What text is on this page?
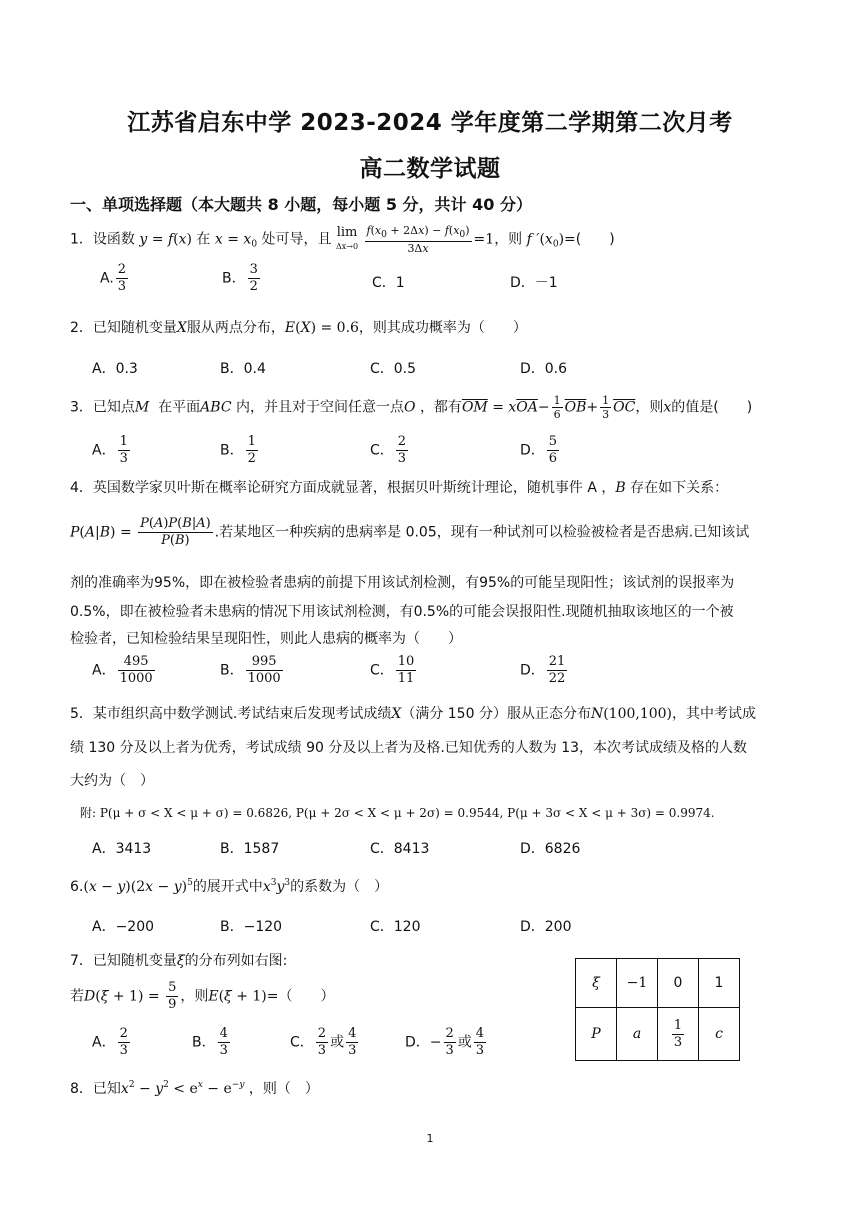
江苏省启东中学 2023-2024 学年度第二学期第二次月考
高二数学试题
一、单项选择题（本大题共 8 小题，每小题 5 分，共计 40 分）
1．设函数 y = f(x) 在 $x = x_0$ 处可导，且 lim
Δx→0
$\frac{f(x_0 + 2\Delta x) - f(x_0)}{3\Delta x} =1$，则 f $'(x_0)=$(　　)
A. $\frac{2}{3}$	B． $\frac{3}{2}$	C．1	D．－1
2．已知随机变量X服从两点分布，E(X) = 0.6，则其成功概率为（　　）
A．0.3	B．0.4	C．0.5	D．0.6
3．已知点M 在平面ABC 内，并且对于空间任意一点O ，都有$\overline{OM} = x\overline{OA}- \frac{1}{6} \overline{OB}+ \frac{1}{3} \overline{OC}$，则x的值是(　　)
A． $\frac{1}{3}$	B． $\frac{1}{2}$	C． $\frac{2}{3}$	D． $\frac{5}{6}$
4．英国数学家贝叶斯在概率论研究方面成就显著，根据贝叶斯统计理论，随机事件 A ，B 存在如下关系：
$P(A|B) = \frac{P(A)P(B|A)}{P(B)}$ .若某地区一种疾病的患病率是 0.05，现有一种试剂可以检验被检者是否患病.已知该试
剂的准确率为95%，即在被检验者患病的前提下用该试剂检测，有95%的可能呈现阳性；该试剂的误报率为
0.5%，即在被检验者未患病的情况下用该试剂检测，有0.5%的可能会误报阳性.现随机抽取该地区的一个被
检验者，已知检验结果呈现阳性，则此人患病的概率为（　　）
A． $\frac{495}{1000}$	B． $\frac{995}{1000}$	C． $\frac{10}{11}$	D． $\frac{21}{22}$
5．某市组织高中数学测试.考试结束后发现考试成绩X（满分 150 分）服从正态分布N(100,100)，其中考试成
绩 130 分及以上者为优秀，考试成绩 90 分及以上者为及格.已知优秀的人数为 13，本次考试成绩及格的人数
大约为（　）
附: P(μ + σ < X < μ + σ) = 0.6826, P(μ + 2σ < X < μ + 2σ) = 0.9544, P(μ + 3σ < X < μ + 3σ) = 0.9974.
A．3413	B．1587	C．8413	D．6826
$6.(x - y)(2x - y)^5$的展开式中$x^3y^3$的系数为（　）
A．−200	B．−120	C．120	D．200
7．已知随机变量ξ的分布列如右图:
若$D(\xi + 1) = \frac{5}{9}$ ，则E(ξ + 1)=（　　）
A． $\frac{2}{3}$	B． $\frac{4}{3}$	C． $\frac{2}{3}$ 或 $\frac{4}{3}$	D．− $\frac{2}{3}$ 或 $\frac{4}{3}$
ξ	−1	0	1
P	a	$\frac{1}{3}$	c
8．已知$x^2 - y^2 < e^x - e^{-y}$ ，则（　）
1
